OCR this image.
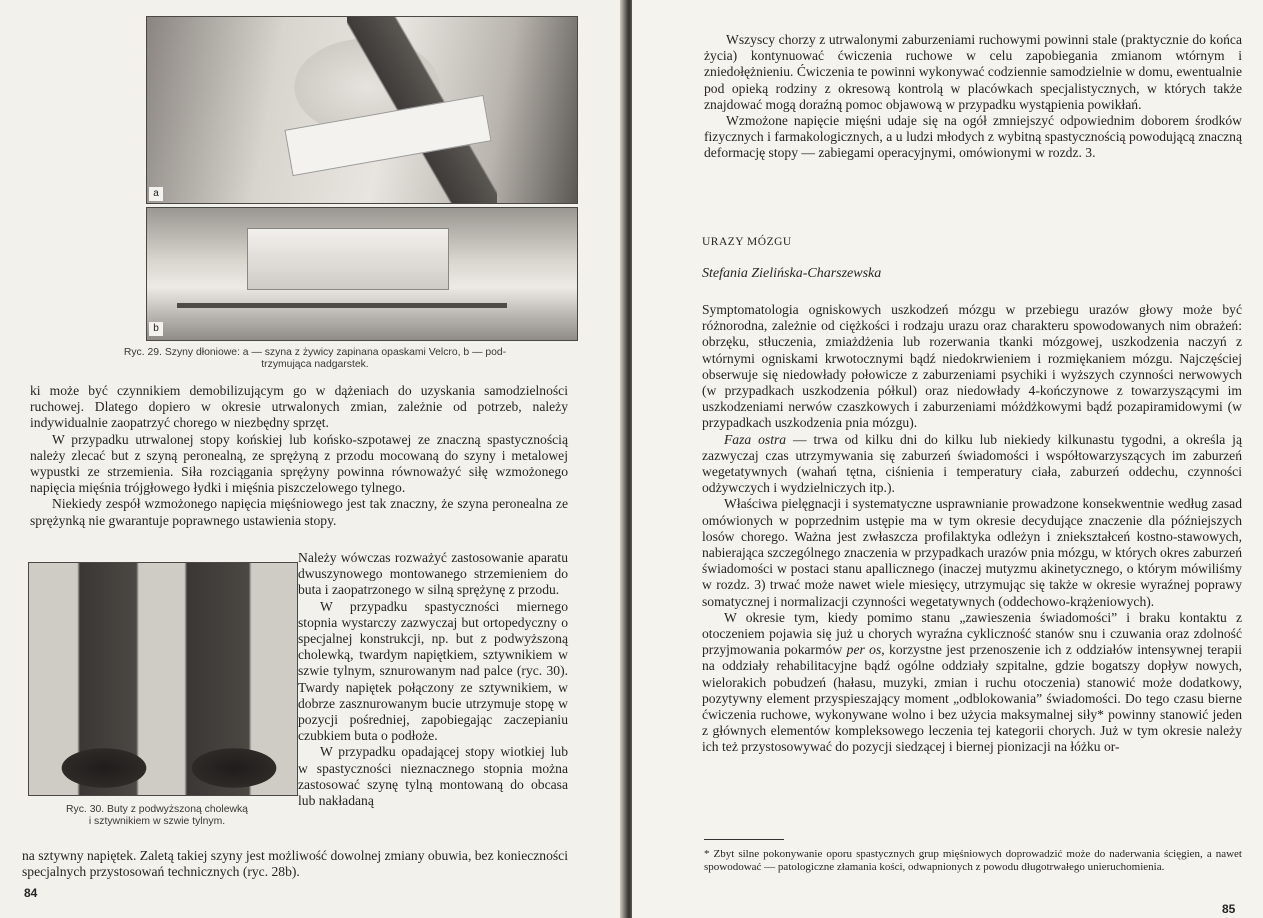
a
b
Ryc. 29. Szyny dłoniowe: a — szyna z żywicy zapinana opaskami Velcro, b — pod-
trzymująca nadgarstek.

ki może być czynnikiem demobilizującym go w dążeniach do uzyskania samodzielności ruchowej. Dlatego dopiero w okresie utrwalonych zmian, zależnie od potrzeb, należy indywidualnie zaopatrzyć chorego w niezbędny sprzęt.

W przypadku utrwalonej stopy końskiej lub końsko-szpotawej ze znaczną spastycznością należy zlecać but z szyną peronealną, ze sprężyną z przodu mocowaną do szyny i metalowej wypustki ze strzemienia. Siła rozciągania sprężyny powinna równoważyć siłę wzmożonego napięcia mięśnia trójgłowego łydki i mięśnia piszczelowego tylnego.

Niekiedy zespół wzmożonego napięcia mięśniowego jest tak znaczny, że szyna peronealna ze sprężynką nie gwarantuje poprawnego ustawienia stopy.

Ryc. 30. Buty z podwyższoną cholewką
i sztywnikiem w szwie tylnym.

Należy wówczas rozważyć zastosowanie aparatu dwuszynowego montowanego strzemieniem do buta i zaopatrzonego w silną sprężynę z przodu.

W przypadku spastyczności miernego stopnia wystarczy zazwyczaj but ortopedyczny o specjalnej konstrukcji, np. but z podwyższoną cholewką, twardym napiętkiem, sztywnikiem w szwie tylnym, sznurowanym nad palce (ryc. 30). Twardy napiętek połączony ze sztywnikiem, w dobrze zasznurowanym bucie utrzymuje stopę w pozycji pośredniej, zapobiegając zaczepianiu czubkiem buta o podłoże.

W przypadku opadającej stopy wiotkiej lub w spastyczności nieznacznego stopnia można zastosować szynę tylną montowaną do obcasa lub nakładaną

na sztywny napiętek. Zaletą takiej szyny jest możliwość dowolnej zmiany obuwia, bez konieczności specjalnych przystosowań technicznych (ryc. 28b).

84

Wszyscy chorzy z utrwalonymi zaburzeniami ruchowymi powinni stale (praktycznie do końca życia) kontynuować ćwiczenia ruchowe w celu zapobiegania zmianom wtórnym i zniedołężnieniu. Ćwiczenia te powinni wykonywać codziennie samodzielnie w domu, ewentualnie pod opieką rodziny z okresową kontrolą w placówkach specjalistycznych, w których także znajdować mogą doraźną pomoc objawową w przypadku wystąpienia powikłań.

Wzmożone napięcie mięśni udaje się na ogół zmniejszyć odpowiednim doborem środków fizycznych i farmakologicznych, a u ludzi młodych z wybitną spastycznością powodującą znaczną deformację stopy — zabiegami operacyjnymi, omówionymi w rozdz. 3.

URAZY MÓZGU
Stefania Zielińska-Charszewska

Symptomatologia ogniskowych uszkodzeń mózgu w przebiegu urazów głowy może być różnorodna, zależnie od ciężkości i rodzaju urazu oraz charakteru spowodowanych nim obrażeń: obrzęku, stłuczenia, zmiażdżenia lub rozerwania tkanki mózgowej, uszkodzenia naczyń z wtórnymi ogniskami krwotocznymi bądź niedokrwieniem i rozmiękaniem mózgu. Najczęściej obserwuje się niedowłady połowicze z zaburzeniami psychiki i wyższych czynności nerwowych (w przypadkach uszkodzenia półkul) oraz niedowłady 4-kończynowe z towarzyszącymi im uszkodzeniami nerwów czaszkowych i zaburzeniami móżdżkowymi bądź pozapiramidowymi (w przypadkach uszkodzenia pnia mózgu).

Faza ostra — trwa od kilku dni do kilku lub niekiedy kilkunastu tygodni, a określa ją zazwyczaj czas utrzymywania się zaburzeń świadomości i współtowarzyszących im zaburzeń wegetatywnych (wahań tętna, ciśnienia i temperatury ciała, zaburzeń oddechu, czynności odżywczych i wydzielniczych itp.).

Właściwa pielęgnacji i systematyczne usprawnianie prowadzone konsekwentnie według zasad omówionych w poprzednim ustępie ma w tym okresie decydujące znaczenie dla późniejszych losów chorego. Ważna jest zwłaszcza profilaktyka odleżyn i zniekształceń kostno-stawowych, nabierająca szczególnego znaczenia w przypadkach urazów pnia mózgu, w których okres zaburzeń świadomości w postaci stanu apallicznego (inaczej mutyzmu akinetycznego, o którym mówiliśmy w rozdz. 3) trwać może nawet wiele miesięcy, utrzymując się także w okresie wyraźnej poprawy somatycznej i normalizacji czynności wegetatywnych (oddechowo-krążeniowych).

W okresie tym, kiedy pomimo stanu „zawieszenia świadomości” i braku kontaktu z otoczeniem pojawia się już u chorych wyraźna cykliczność stanów snu i czuwania oraz zdolność przyjmowania pokarmów per os, korzystne jest przenoszenie ich z oddziałów intensywnej terapii na oddziały rehabilitacyjne bądź ogólne oddziały szpitalne, gdzie bogatszy dopływ nowych, wielorakich pobudzeń (hałasu, muzyki, zmian i ruchu otoczenia) stanowić może dodatkowy, pozytywny element przyspieszający moment „odblokowania” świadomości. Do tego czasu bierne ćwiczenia ruchowe, wykonywane wolno i bez użycia maksymalnej siły* powinny stanowić jeden z głównych elementów kompleksowego leczenia tej kategorii chorych. Już w tym okresie należy ich też przystosowywać do pozycji siedzącej i biernej pionizacji na łóżku or-

* Zbyt silne pokonywanie oporu spastycznych grup mięśniowych doprowadzić może do naderwania ścięgien, a nawet spowodować — patologiczne złamania kości, odwapnionych z powodu długotrwałego unieruchomienia.
85
